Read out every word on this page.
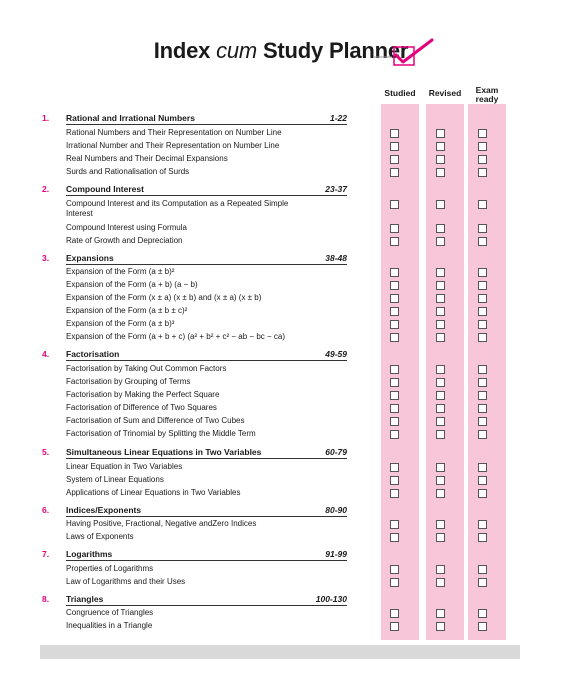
Index cum Study Planner
Studied	Revised	Exam
ready
1. Rational and Irrational Numbers	1-22
Rational Numbers and Their Representation on Number Line
Irrational Number and Their Representation on Number Line
Real Numbers and Their Decimal Expansions
Surds and Rationalisation of Surds
2. Compound Interest	23-37
Compound Interest and its Computation as a Repeated Simple Interest
Compound Interest using Formula
Rate of Growth and Depreciation
3. Expansions	38-48
Expansion of the Form (a ± b)²
Expansion of the Form (a + b) (a − b)
Expansion of the Form (x ± a) (x ± b) and (x ± a) (x ± b)
Expansion of the Form (a ± b ± c)²
Expansion of the Form (a ± b)³
Expansion of the Form (a + b + c) (a² + b² + c² − ab − bc − ca)
4. Factorisation	49-59
Factorisation by Taking Out Common Factors
Factorisation by Grouping of Terms
Factorisation by Making the Perfect Square
Factorisation of Difference of Two Squares
Factorisation of Sum and Difference of Two Cubes
Factorisation of Trinomial by Splitting the Middle Term
5. Simultaneous Linear Equations in Two Variables	60-79
Linear Equation in Two Variables
System of Linear Equations
Applications of Linear Equations in Two Variables
6. Indices/Exponents	80-90
Having Positive, Fractional, Negative andZero Indices
Laws of Exponents
7. Logarithms	91-99
Properties of Logarithms
Law of Logarithms and their Uses
8. Triangles	100-130
Congruence of Triangles
Inequalities in a Triangle
